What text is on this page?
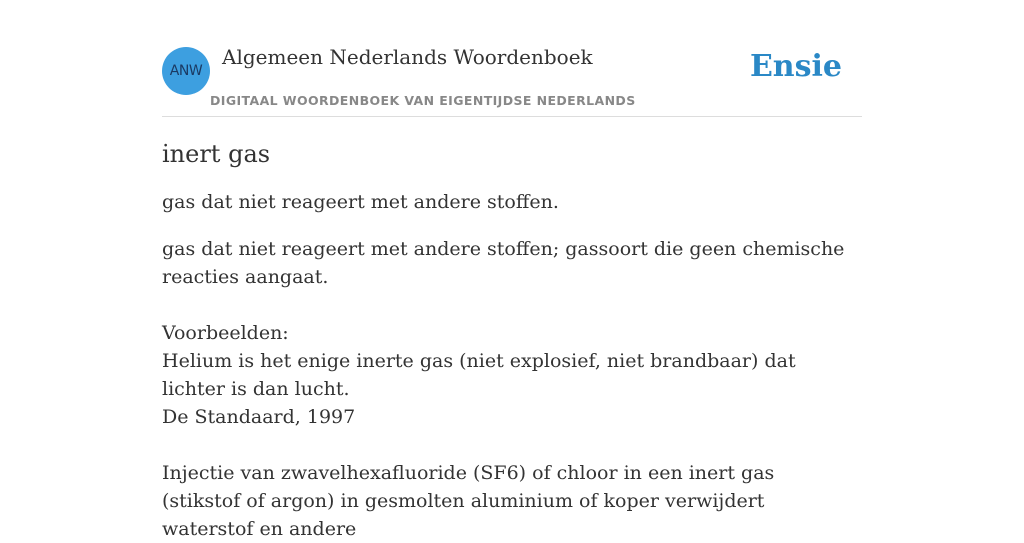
ANW
Algemeen Nederlands Woordenboek
DIGITAAL WOORDENBOEK VAN EIGENTIJDSE NEDERLANDS
Ensie
inert gas

gas dat niet reageert met andere stoffen.

gas dat niet reageert met andere stoffen; gassoort die geen chemische reacties aangaat.
Voorbeelden:
Helium is het enige inerte gas (niet explosief, niet brandbaar) dat lichter is dan lucht.
De Standaard, 1997
Injectie van zwavelhexafluoride (SF6) of chloor in een inert gas (stikstof of argon) in gesmolten aluminium of koper verwijdert waterstof en andere
